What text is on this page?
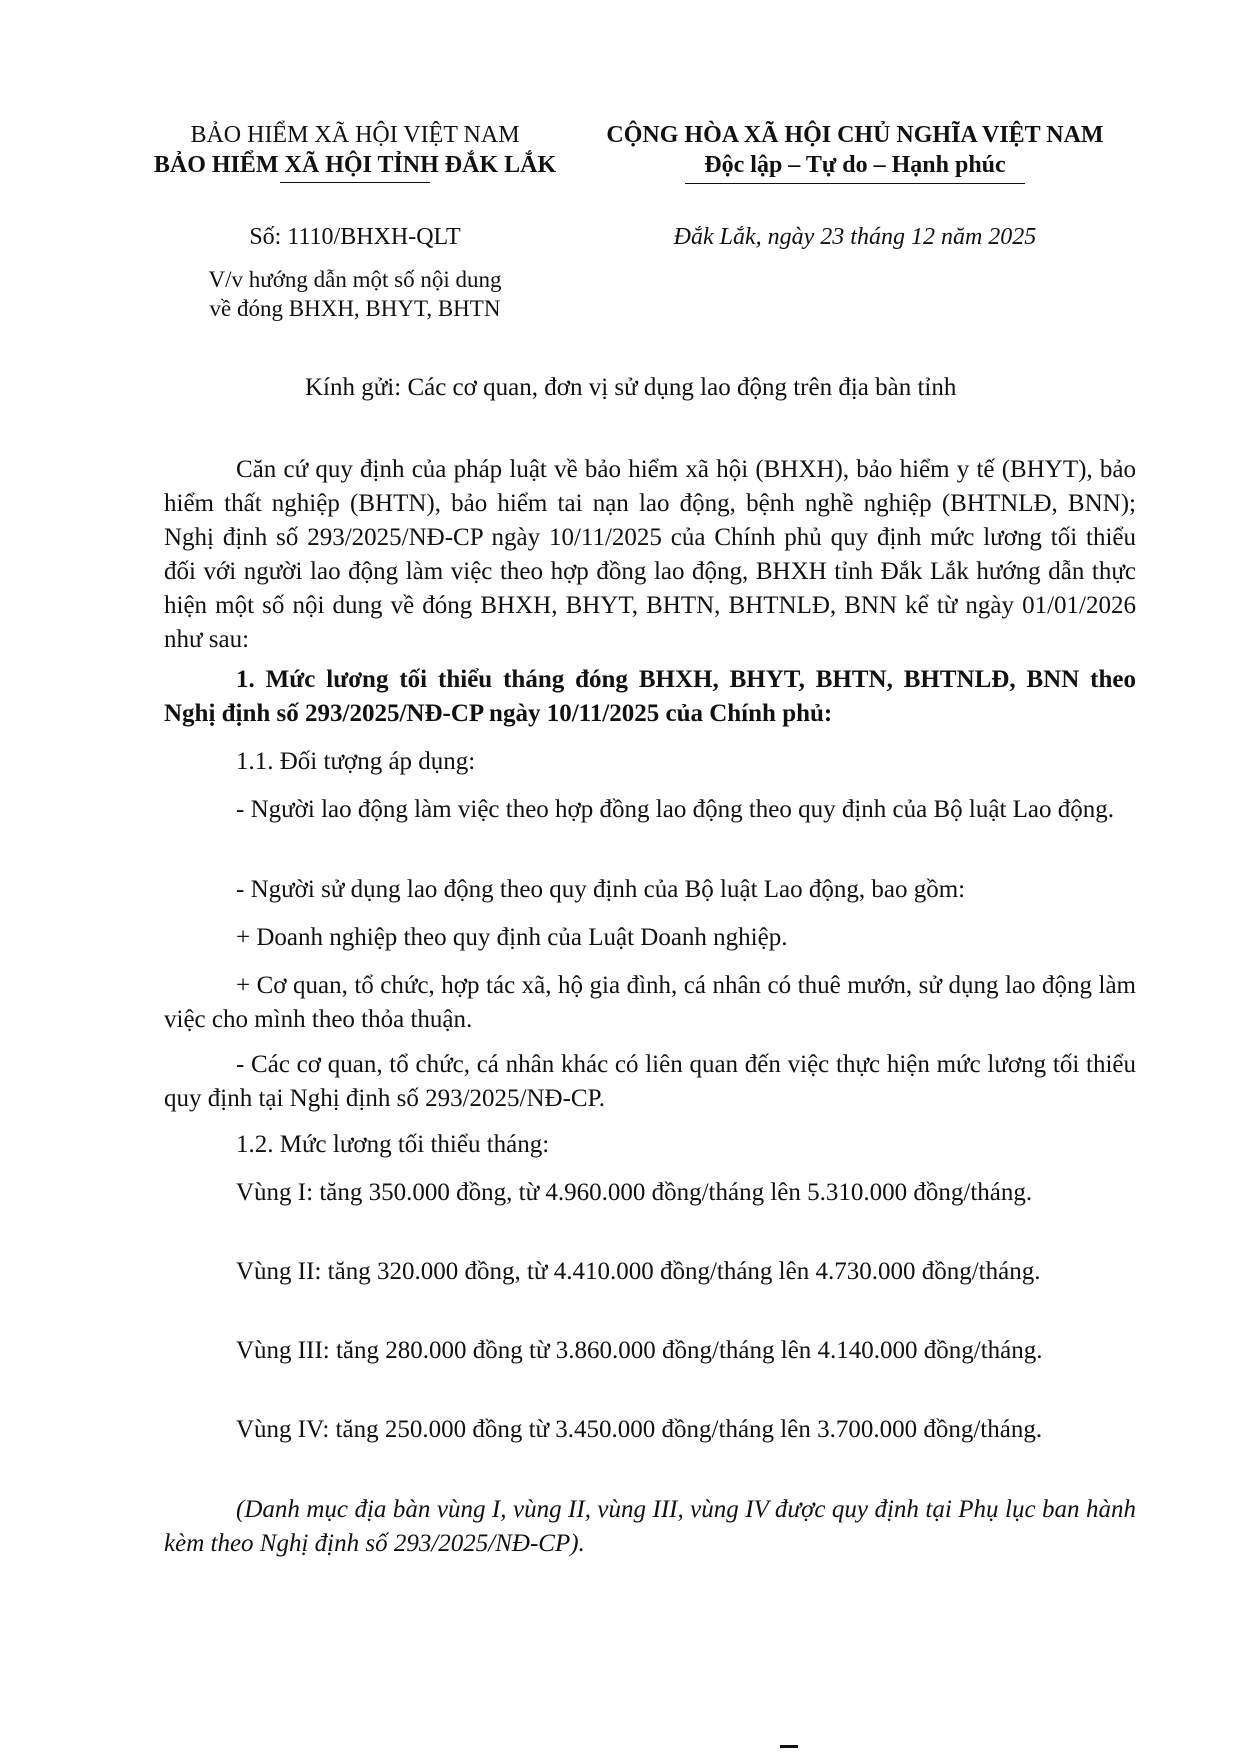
BẢO HIỂM XÃ HỘI VIỆT NAM
BẢO HIỂM XÃ HỘI TỈNH ĐẮK LẮK
CỘNG HÒA XÃ HỘI CHỦ NGHĨA VIỆT NAM
Độc lập – Tự do – Hạnh phúc
Số: 1110/BHXH-QLT	Đắk Lắk, ngày 23 tháng 12 năm 2025
V/v hướng dẫn một số nội dung
về đóng BHXH, BHYT, BHTN
Kính gửi: Các cơ quan, đơn vị sử dụng lao động trên địa bàn tỉnh
Căn cứ quy định của pháp luật về bảo hiểm xã hội (BHXH), bảo hiểm y tế (BHYT), bảo hiểm thất nghiệp (BHTN), bảo hiểm tai nạn lao động, bệnh nghề nghiệp (BHTNLĐ, BNN); Nghị định số 293/2025/NĐ-CP ngày 10/11/2025 của Chính phủ quy định mức lương tối thiểu đối với người lao động làm việc theo hợp đồng lao động, BHXH tỉnh Đắk Lắk hướng dẫn thực hiện một số nội dung về đóng BHXH, BHYT, BHTN, BHTNLĐ, BNN kể từ ngày 01/01/2026 như sau:
1. Mức lương tối thiểu tháng đóng BHXH, BHYT, BHTN, BHTNLĐ, BNN theo Nghị định số 293/2025/NĐ-CP ngày 10/11/2025 của Chính phủ:
1.1. Đối tượng áp dụng:
- Người lao động làm việc theo hợp đồng lao động theo quy định của Bộ luật Lao động.
- Người sử dụng lao động theo quy định của Bộ luật Lao động, bao gồm:
+ Doanh nghiệp theo quy định của Luật Doanh nghiệp.
+ Cơ quan, tổ chức, hợp tác xã, hộ gia đình, cá nhân có thuê mướn, sử dụng lao động làm việc cho mình theo thỏa thuận.
- Các cơ quan, tổ chức, cá nhân khác có liên quan đến việc thực hiện mức lương tối thiểu quy định tại Nghị định số 293/2025/NĐ-CP.
1.2. Mức lương tối thiểu tháng:
Vùng I: tăng 350.000 đồng, từ 4.960.000 đồng/tháng lên 5.310.000 đồng/tháng.
Vùng II: tăng 320.000 đồng, từ 4.410.000 đồng/tháng lên 4.730.000 đồng/tháng.
Vùng III: tăng 280.000 đồng từ 3.860.000 đồng/tháng lên 4.140.000 đồng/tháng.
Vùng IV: tăng 250.000 đồng từ 3.450.000 đồng/tháng lên 3.700.000 đồng/tháng.
(Danh mục địa bàn vùng I, vùng II, vùng III, vùng IV được quy định tại Phụ lục ban hành kèm theo Nghị định số 293/2025/NĐ-CP).
